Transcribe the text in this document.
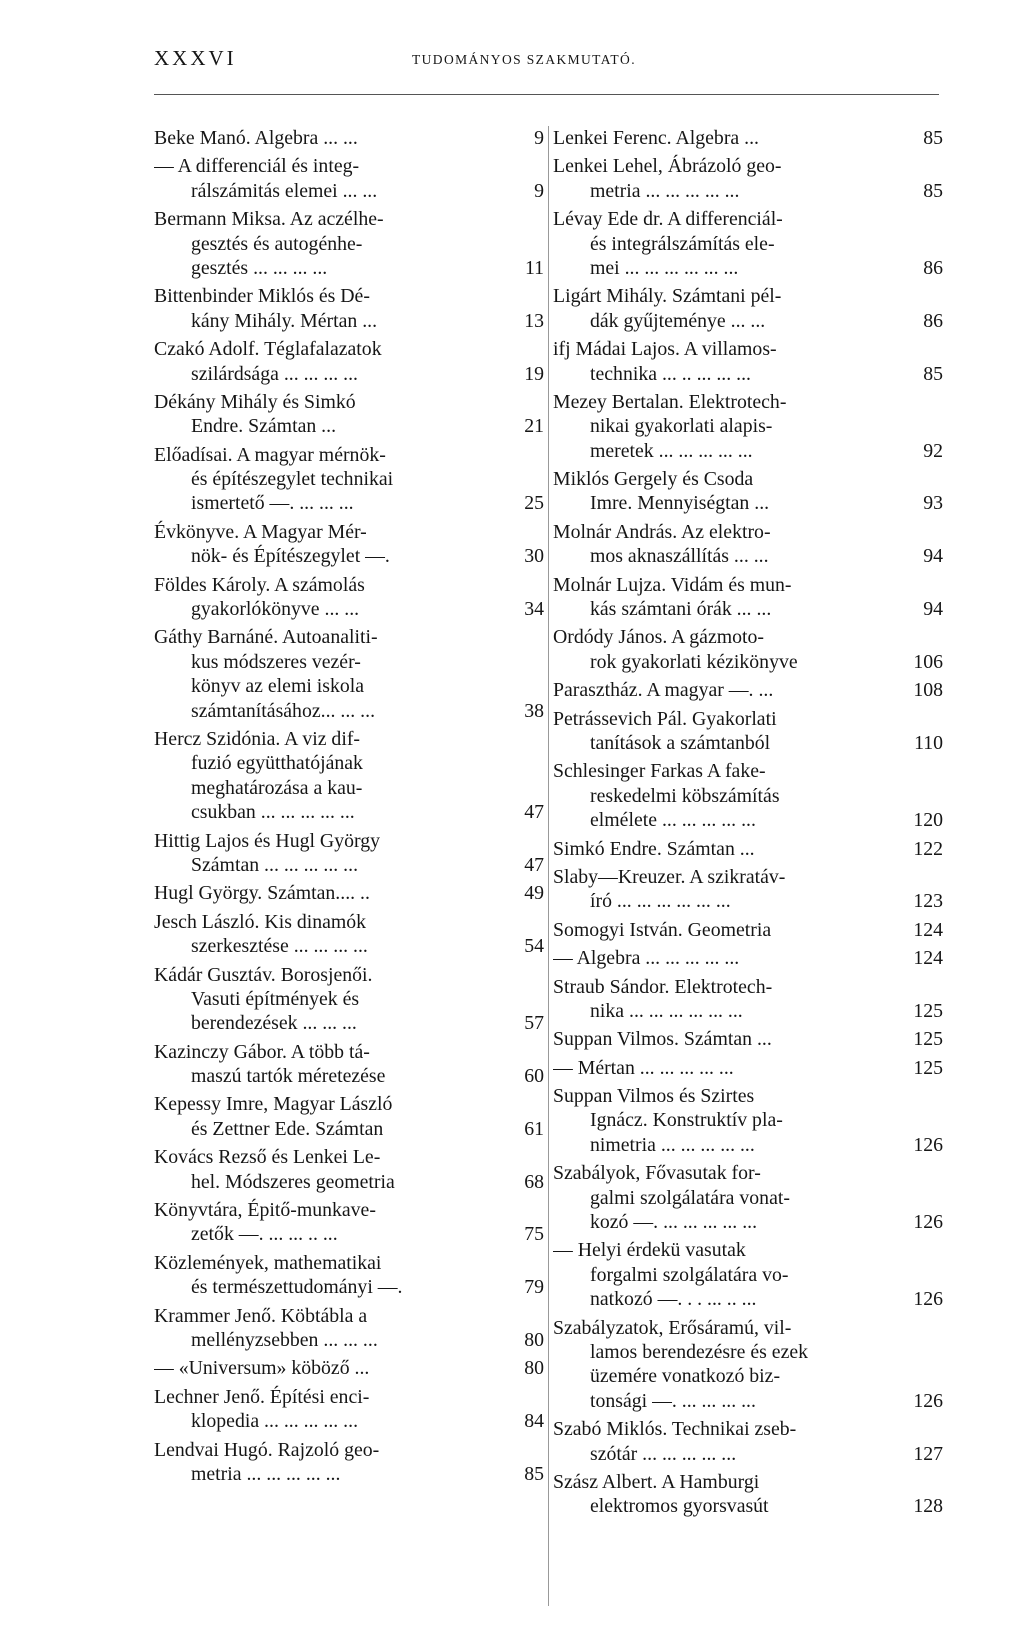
XXXVI	TUDOMÁNYOS SZAKMUTATÓ.
Beke Manó. Algebra ... ...	9
— A differenciál és integ-
rálszámitás elemei ... ...	9
Bermann Miksa. Az aczélhe-
gesztés és autogénhe-
gesztés ... ... ... ...	11
Bittenbinder Miklós és Dé-
kány Mihály. Mértan ...	13
Czakó Adolf. Téglafalazatok
szilárdsága ... ... ... ...	19
Dékány Mihály és Simkó
Endre. Számtan ...	21
Előadísai. A magyar mérnök-
és építészegylet technikai
ismertető —. ... ... ...	25
Évkönyve. A Magyar Mér-
nök- és Építészegylet —.	30
Földes Károly. A számolás
gyakorlókönyve ... ...	34
Gáthy Barnáné. Autoanaliti-
kus módszeres vezér-
könyv az elemi iskola
számtanításához... ... ...	38
Hercz Szidónia. A viz dif-
fuzió együtthatójának
meghatározása a kau-
csukban ... ... ... ... ...	47
Hittig Lajos és Hugl György
Számtan ... ... ... ... ...	47
Hugl György. Számtan.... ..	49
Jesch László. Kis dinamók
szerkesztése ... ... ... ...	54
Kádár Gusztáv. Borosjenői.
Vasuti építmények és
berendezések ... ... ...	57
Kazinczy Gábor. A több tá-
maszú tartók méretezése	60
Kepessy Imre, Magyar László
és Zettner Ede. Számtan	61
Kovács Rezső és Lenkei Le-
hel. Módszeres geometria	68
Könyvtára, Épitő-munkave-
zetők —. ... ... .. ...	75
Közlemények, mathematikai
és természettudományi —.	79
Krammer Jenő. Köbtábla a
mellényzsebben ... ... ...	80
— «Universum» köböző ...	80
Lechner Jenő. Építési enci-
klopedia ... ... ... ... ...	84
Lendvai Hugó. Rajzoló geo-
metria ... ... ... ... ...	85
Lenkei Ferenc. Algebra ...	85
Lenkei Lehel, Ábrázoló geo-
metria ... ... ... ... ...	85
Lévay Ede dr. A differenciál-
és integrálszámítás ele-
mei ... ... ... ... ... ...	86
Ligárt Mihály. Számtani pél-
dák gyűjteménye ... ...	86
ifj Mádai Lajos. A villamos-
technika ... .. ... ... ...	85
Mezey Bertalan. Elektrotech-
nikai gyakorlati alapis-
meretek ... ... ... ... ...	92
Miklós Gergely és Csoda
Imre. Mennyiségtan ...	93
Molnár András. Az elektro-
mos aknaszállítás ... ...	94
Molnár Lujza. Vidám és mun-
kás számtani órák ... ...	94
Ordódy János. A gázmoto-
rok gyakorlati kézikönyve	106
Parasztház. A magyar —. ...	108
Petrássevich Pál. Gyakorlati
tanítások a számtanból	110
Schlesinger Farkas A fake-
reskedelmi köbszámítás
elmélete ... ... ... ... ...	120
Simkó Endre. Számtan ...	122
Slaby—Kreuzer. A szikratáv-
író ... ... ... ... ... ...	123
Somogyi István. Geometria	124
— Algebra ... ... ... ... ...	124
Straub Sándor. Elektrotech-
nika ... ... ... ... ... ...	125
Suppan Vilmos. Számtan ...	125
— Mértan ... ... ... ... ...	125
Suppan Vilmos és Szirtes
Ignácz. Konstruktív pla-
nimetria ... ... ... ... ...	126
Szabályok, Fővasutak for-
galmi szolgálatára vonat-
kozó —. ... ... ... ... ...	126
— Helyi érdekü vasutak
forgalmi szolgálatára vo-
natkozó —. . . ... .. ...	126
Szabályzatok, Erősáramú, vil-
lamos berendezésre és ezek
üzemére vonatkozó biz-
tonsági —. ... ... ... ...	126
Szabó Miklós. Technikai zseb-
szótár ... ... ... ... ...	127
Szász Albert. A Hamburgi
elektromos gyorsvasút	128
